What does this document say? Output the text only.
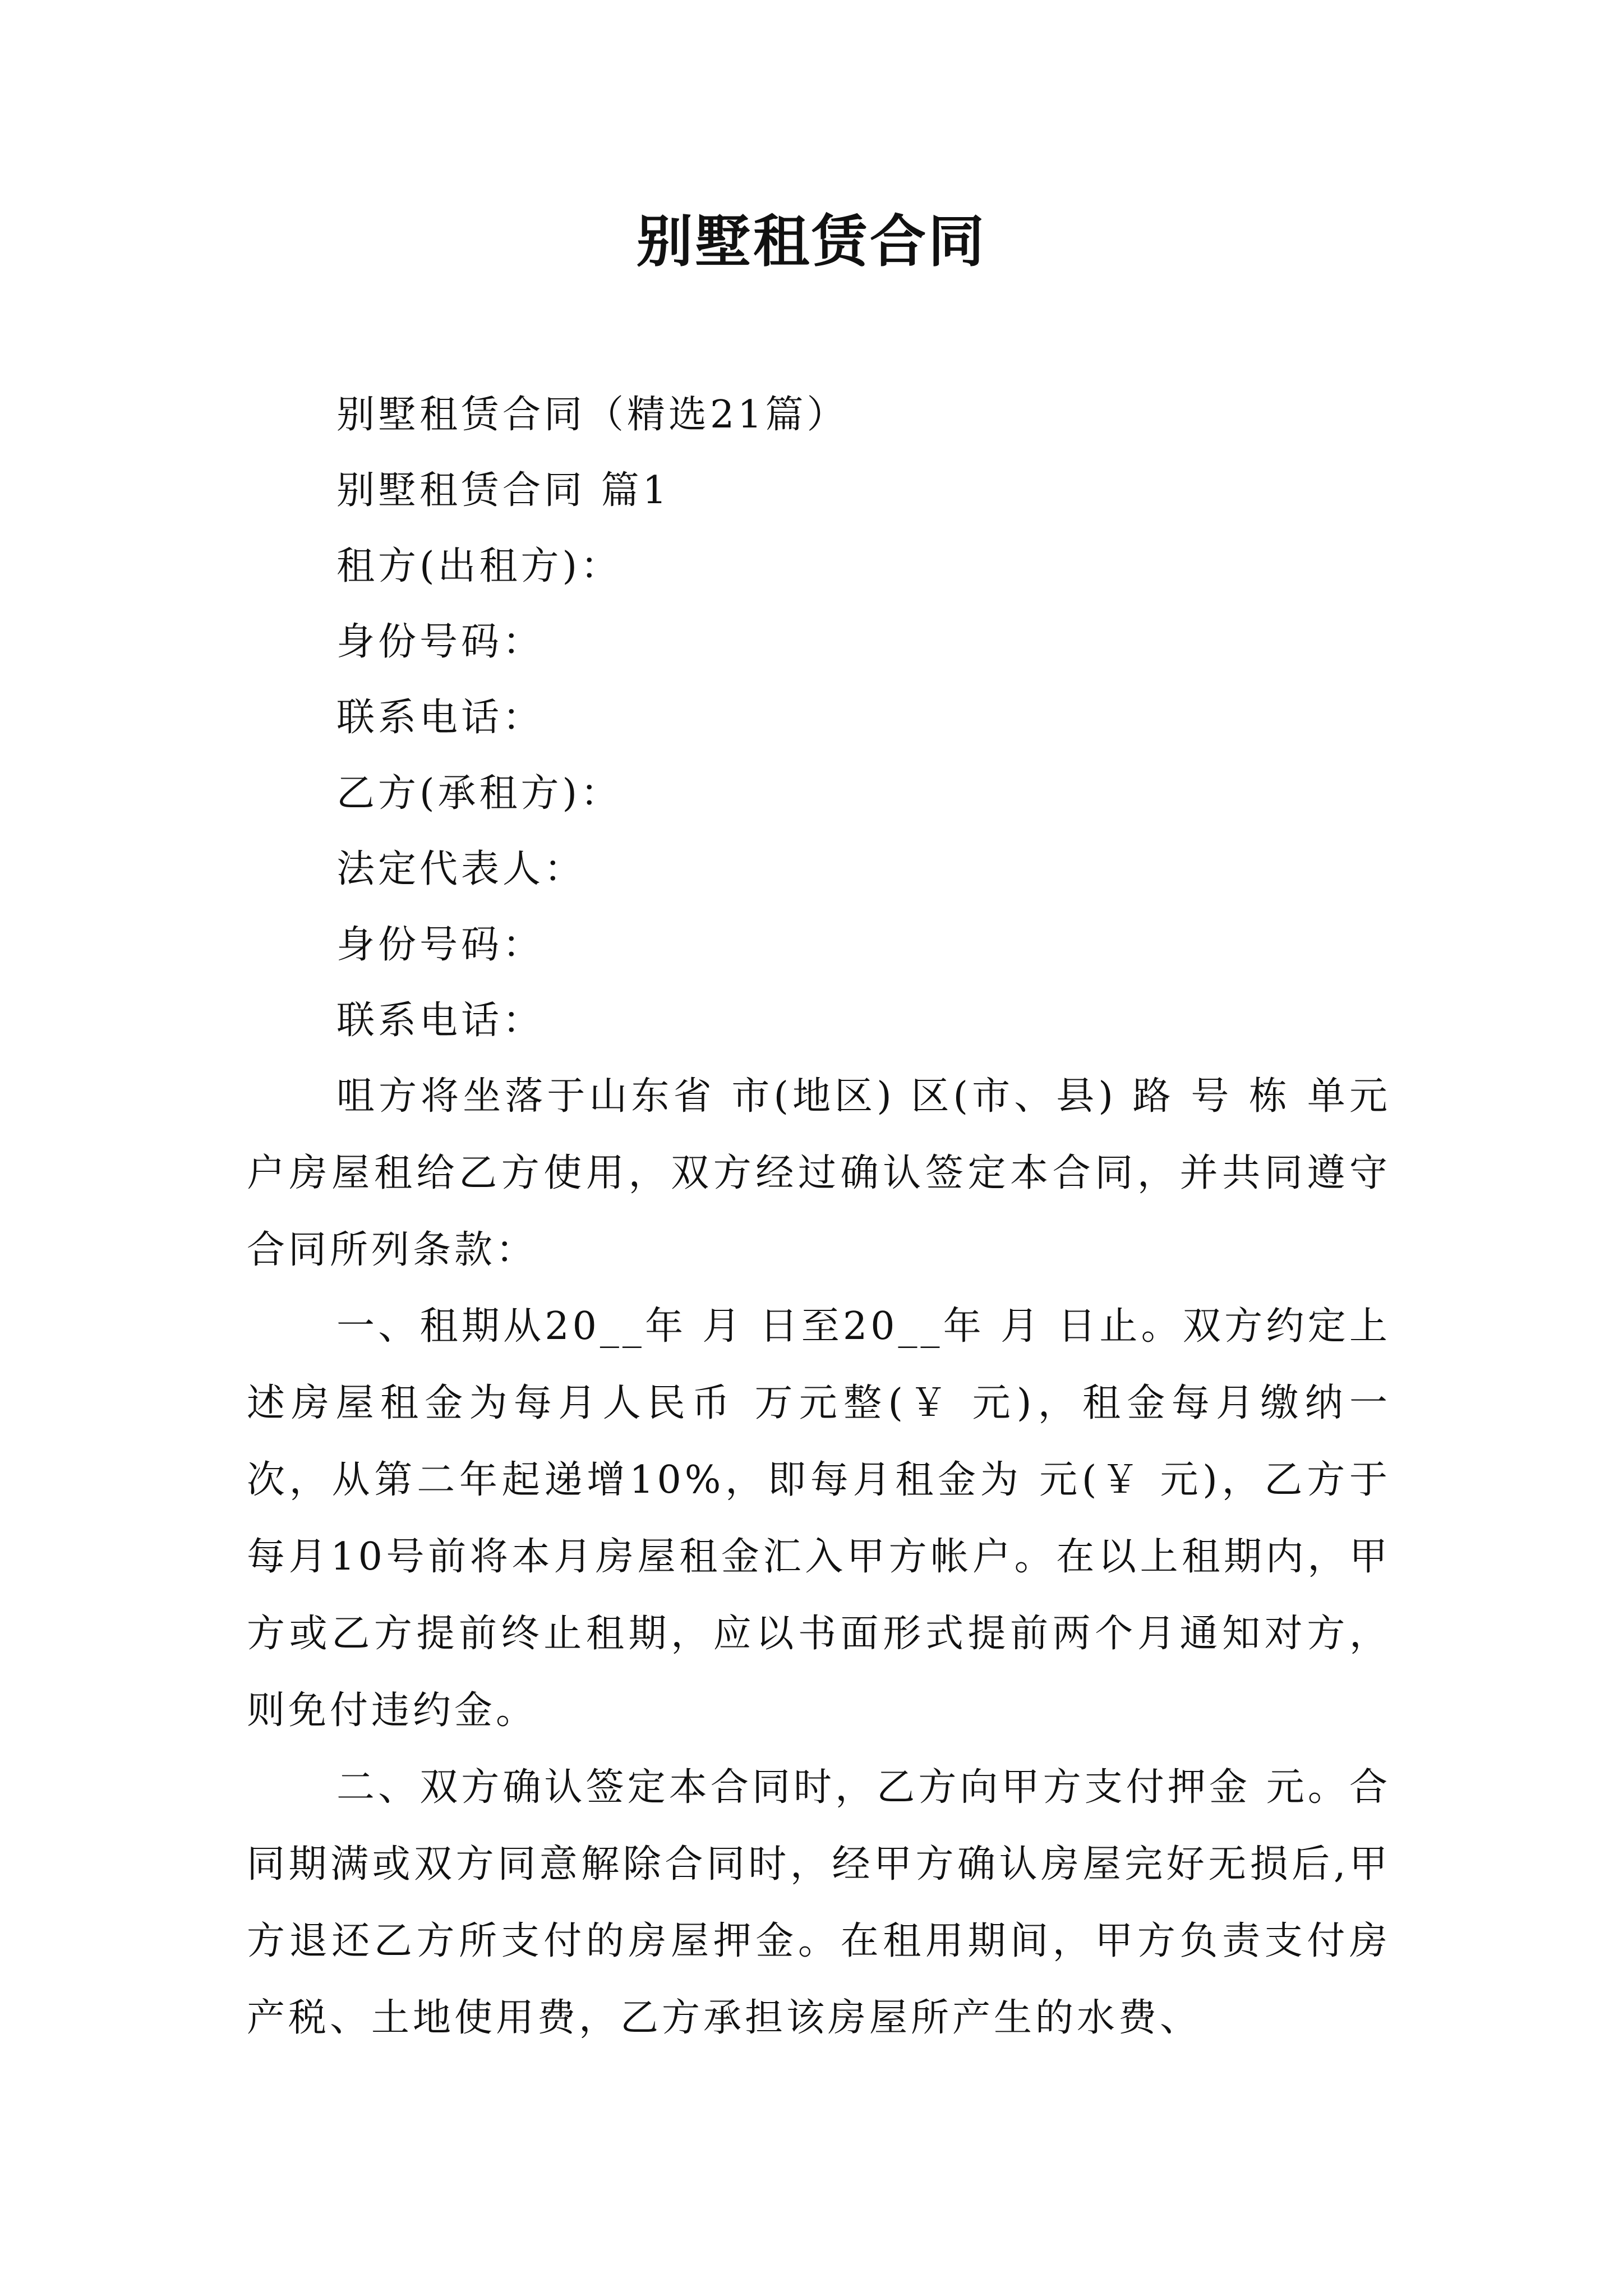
别墅租赁合同

别墅租赁合同（精选21篇）

别墅租赁合同 篇1

租方(出租方)：

身份号码：

联系电话：

乙方(承租方)：

法定代表人：

身份号码：

联系电话：

咀方将坐落于山东省 市(地区) 区(市、县) 路 号 栋 单元 户房屋租给乙方使用，双方经过确认签定本合同，并共同遵守合同所列条款：

一、租期从20__年 月 日至20__年 月 日止。双方约定上述房屋租金为每月人民币 万元整(￥ 元)，租金每月缴纳一次，从第二年起递增10%，即每月租金为 元(￥ 元)，乙方于每月10号前将本月房屋租金汇入甲方帐户。在以上租期内，甲方或乙方提前终止租期，应以书面形式提前两个月通知对方，则免付违约金。

二、双方确认签定本合同时，乙方向甲方支付押金 元。合同期满或双方同意解除合同时，经甲方确认房屋完好无损后,甲方退还乙方所支付的房屋押金。在租用期间，甲方负责支付房产税、土地使用费，乙方承担该房屋所产生的水费、
